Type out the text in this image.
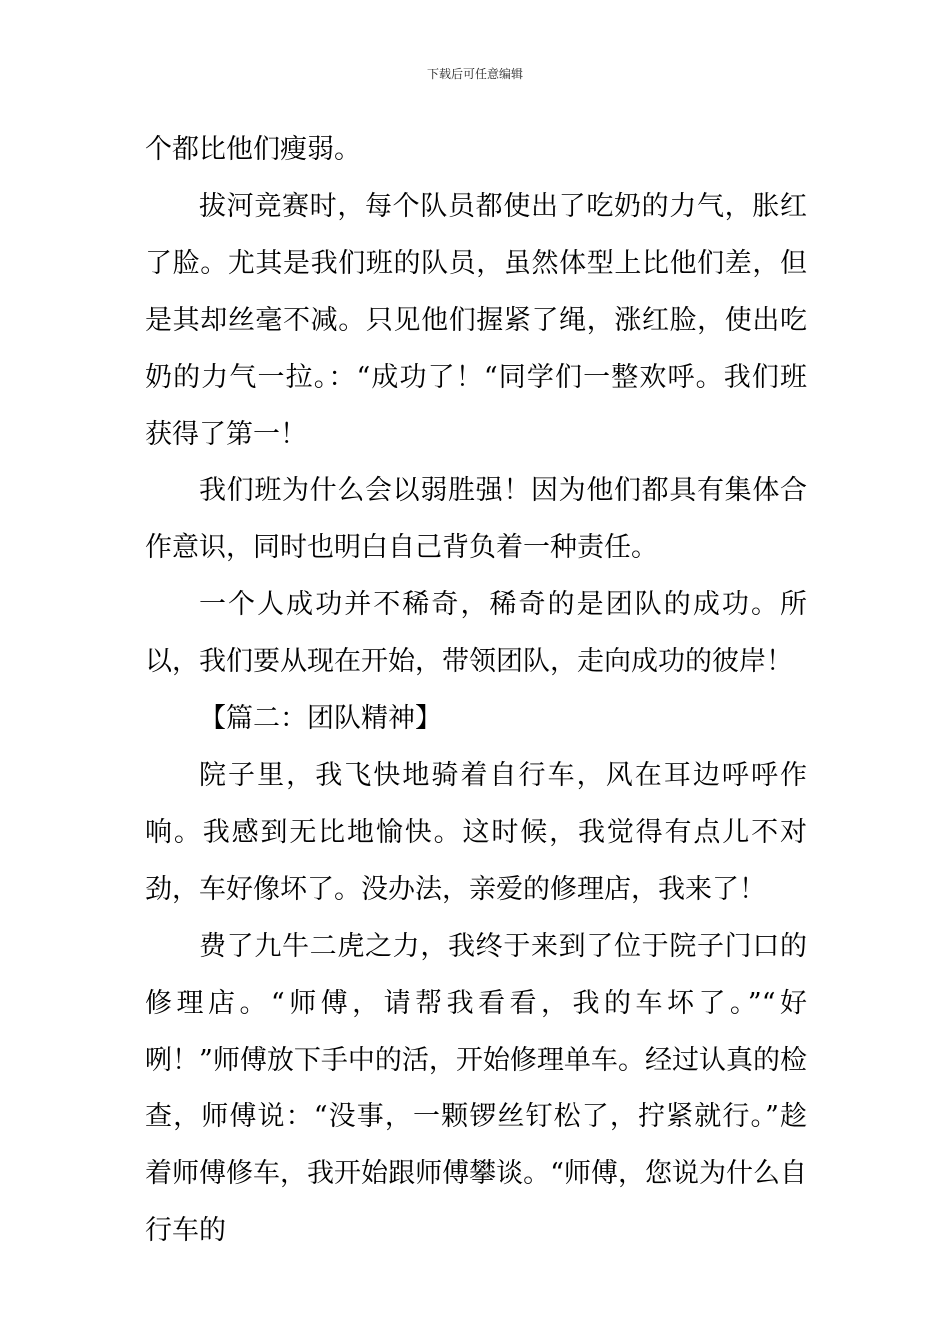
下载后可任意编辑

个都比他们瘦弱。

拔河竞赛时，每个队员都使出了吃奶的力气，胀红了脸。尤其是我们班的队员，虽然体型上比他们差，但是其却丝毫不减。只见他们握紧了绳，涨红脸，使出吃奶的力气一拉。：“成功了！“同学们一整欢呼。我们班获得了第一！

我们班为什么会以弱胜强！因为他们都具有集体合作意识，同时也明白自己背负着一种责任。

一个人成功并不稀奇，稀奇的是团队的成功。所以，我们要从现在开始，带领团队，走向成功的彼岸！

【篇二：团队精神】

院子里，我飞快地骑着自行车，风在耳边呼呼作响。我感到无比地愉快。这时候，我觉得有点儿不对劲，车好像坏了。没办法，亲爱的修理店，我来了！

费了九牛二虎之力，我终于来到了位于院子门口的修理店。“师傅，请帮我看看，我的车坏了。”“好咧！”师傅放下手中的活，开始修理单车。经过认真的检查，师傅说：“没事，一颗锣丝钉松了，拧紧就行。”趁着师傅修车，我开始跟师傅攀谈。“师傅，您说为什么自行车的
